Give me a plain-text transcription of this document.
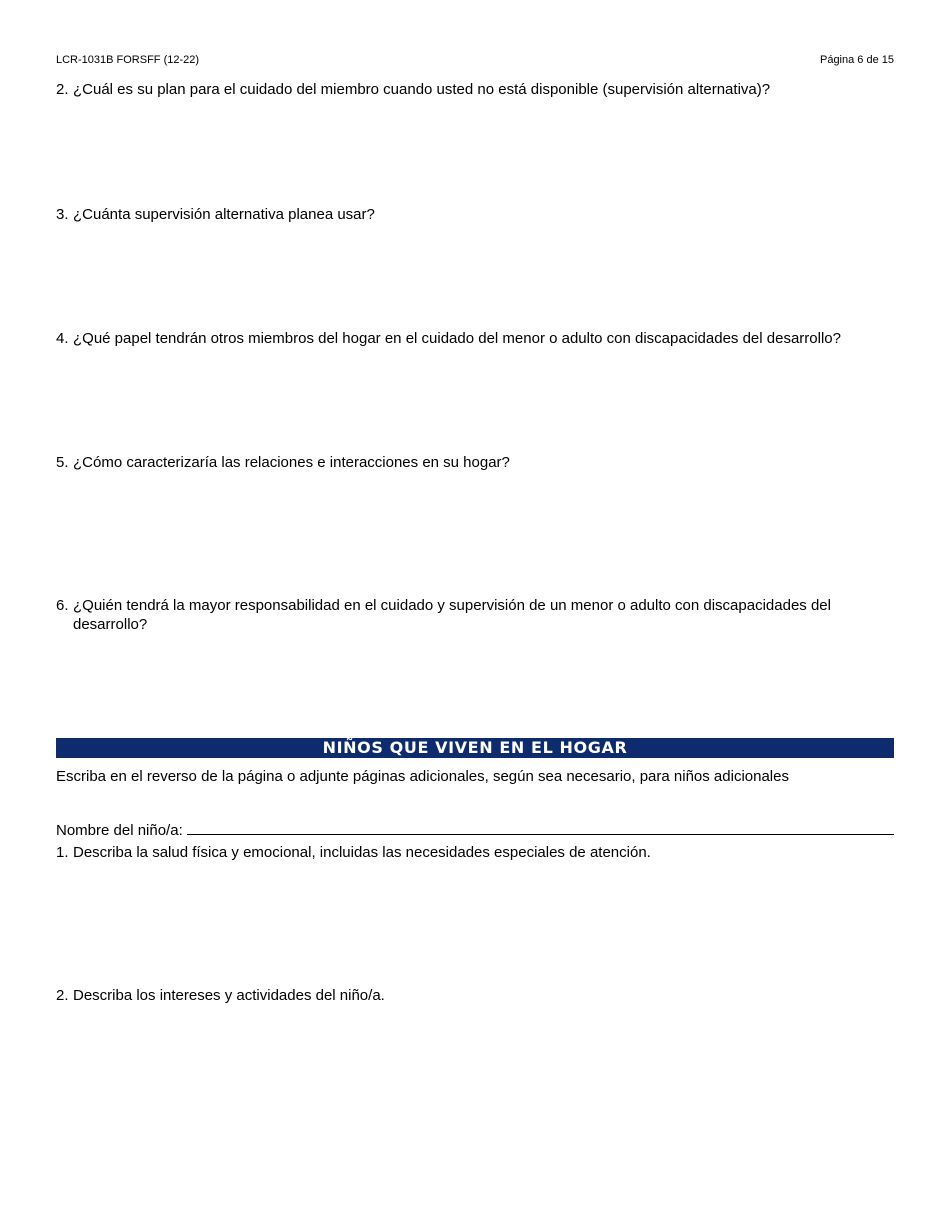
LCR-1031B FORSFF (12-22)	Página 6 de 15
2. ¿Cuál es su plan para el cuidado del miembro cuando usted no está disponible (supervisión alternativa)?
3. ¿Cuánta supervisión alternativa planea usar?
4. ¿Qué papel tendrán otros miembros del hogar en el cuidado del menor o adulto con discapacidades del desarrollo?
5. ¿Cómo caracterizaría las relaciones e interacciones en su hogar?
6. ¿Quién tendrá la mayor responsabilidad en el cuidado y supervisión de un menor o adulto con discapacidades del desarrollo?
NIÑOS QUE VIVEN EN EL HOGAR
Escriba en el reverso de la página o adjunte páginas adicionales, según sea necesario, para niños adicionales
Nombre del niño/a:
1. Describa la salud física y emocional, incluidas las necesidades especiales de atención.
2. Describa los intereses y actividades del niño/a.
